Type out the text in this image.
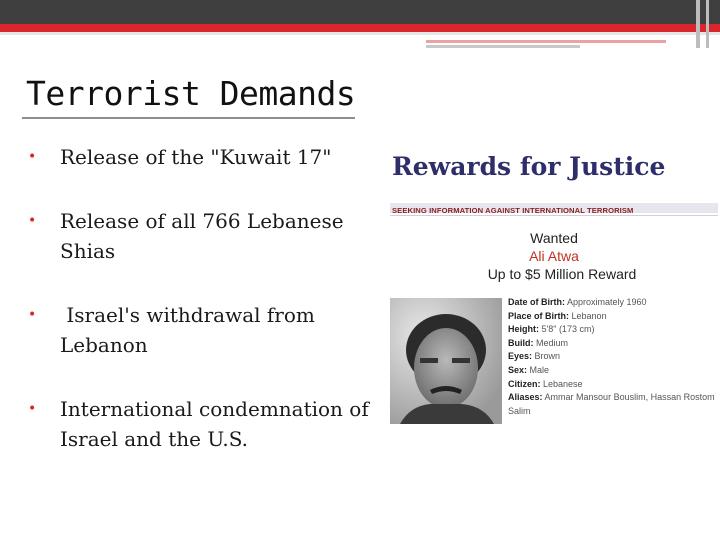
Terrorist Demands
• Release of the "Kuwait 17"
• Release of all 766 Lebanese Shias
• Israel's withdrawal from Lebanon
• International condemnation of Israel and the U.S.
Rewards for Justice
SEEKING INFORMATION AGAINST INTERNATIONAL TERRORISM
Wanted
Ali Atwa
Up to $5 Million Reward
Date of Birth: Approximately 1960
Place of Birth: Lebanon
Height: 5'8" (173 cm)
Build: Medium
Eyes: Brown
Sex: Male
Citizen: Lebanese
Aliases: Ammar Mansour Bouslim, Hassan Rostom Salim
